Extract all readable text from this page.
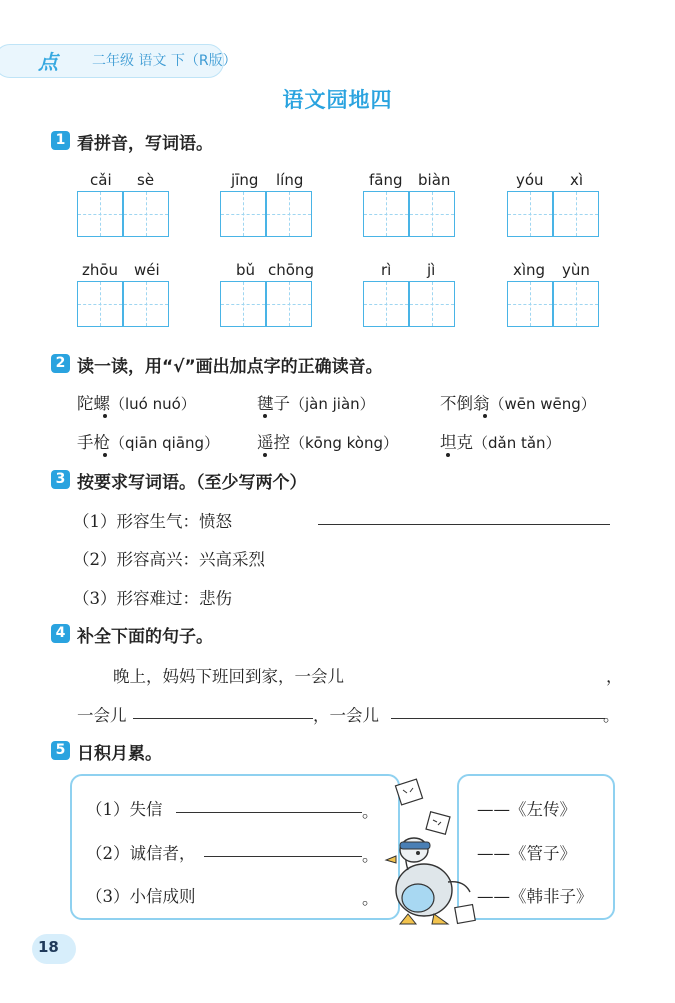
点	二年级 语文 下（R版）
语文园地四
1 看拼音，写词语。
cǎi sè	jīng líng	fāng biàn	yóu xì
zhōu wéi	bǔ chōng	rì jì	xìng yùn
2 读一读，用“√”画出加点字的正确读音。
陀螺（luó nuó）	毽子（jàn jiàn）	不倒翁（wēn wēng）
手枪（qiān qiāng） 遥控（kōng kòng）	坦克（dǎn tǎn）
3 按要求写词语。（至少写两个）
（1）形容生气：愤怒
（2）形容高兴：兴高采烈
（3）形容难过：悲伤
4 补全下面的句子。
晚上，妈妈下班回到家，一会儿	，
一会儿	，一会儿	。
5 日积月累。
（1）失信	。
（2）诚信者，	。
（3）小信成则	。
——《左传》
——《管子》
——《韩非子》
18
